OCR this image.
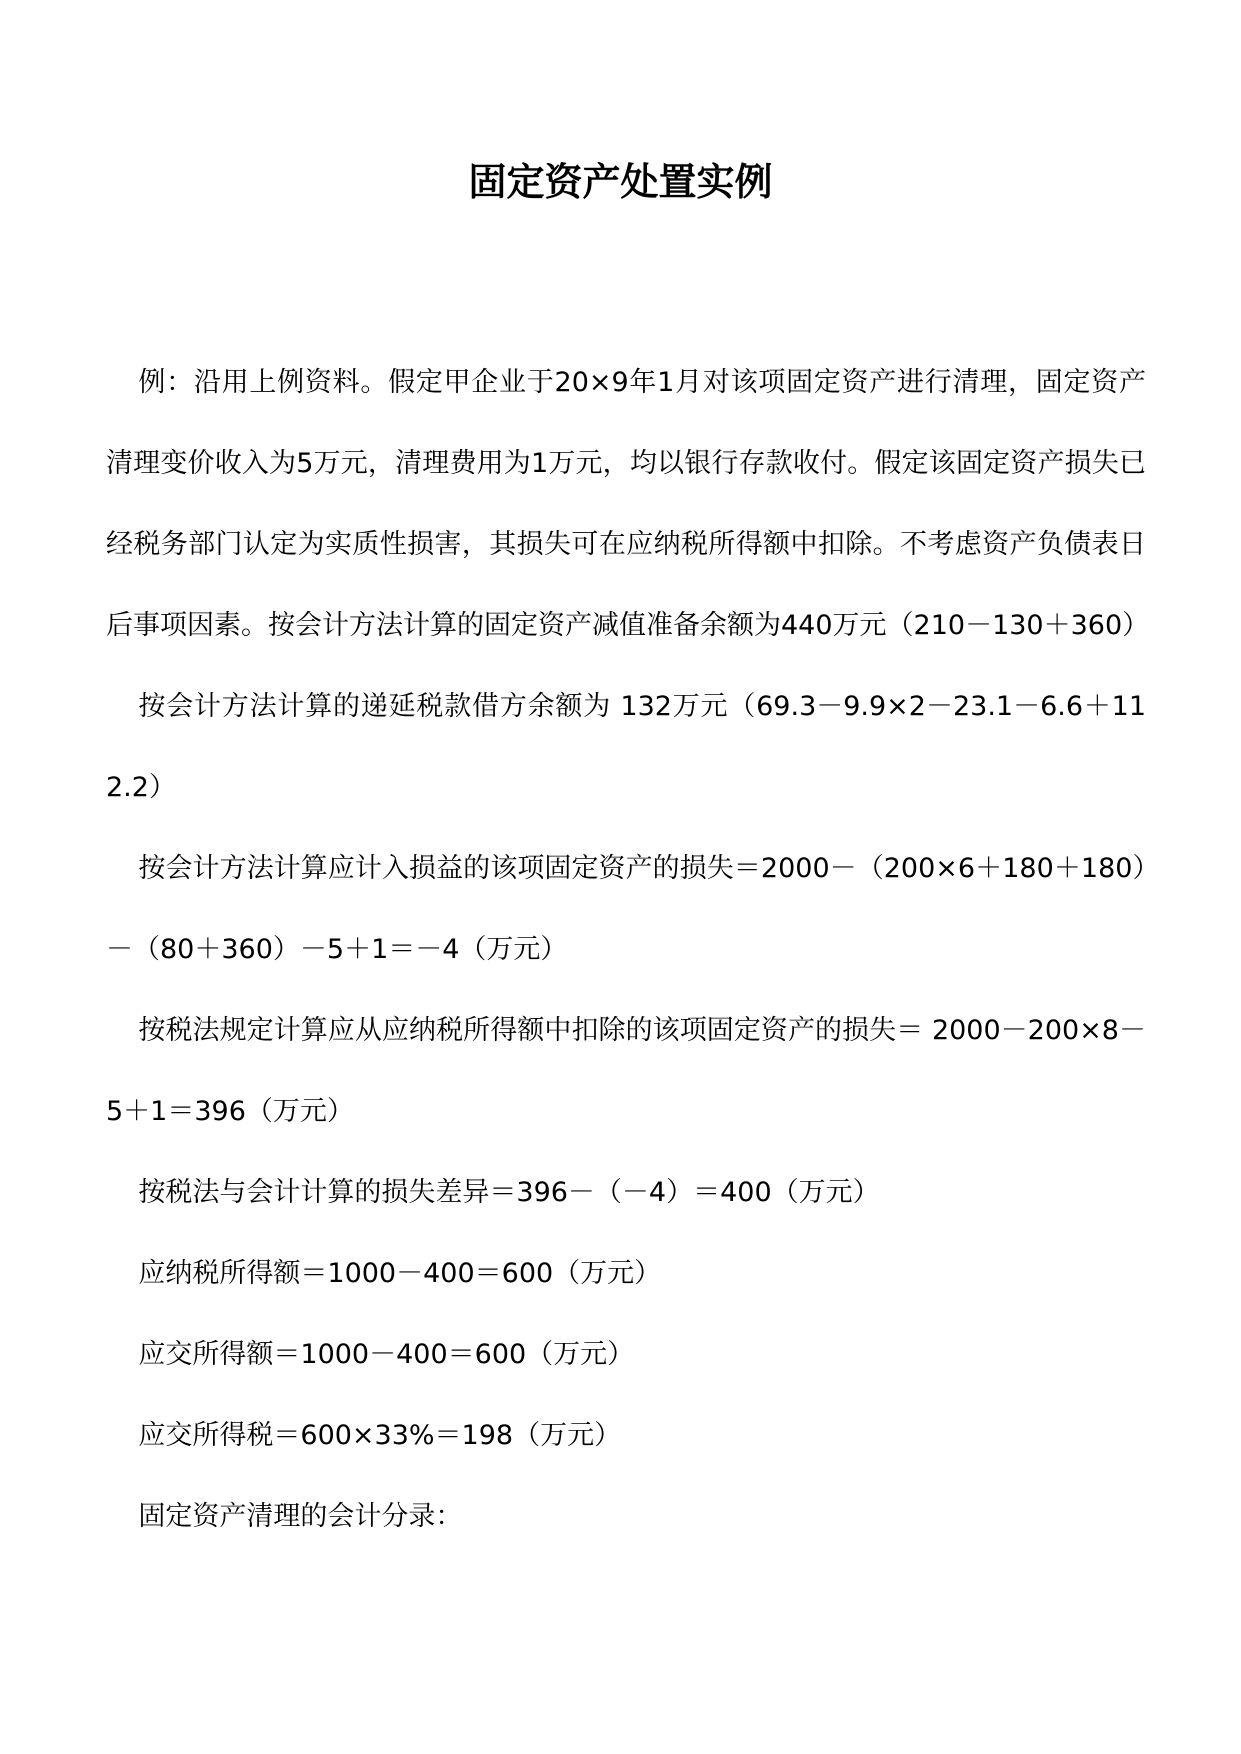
固定资产处置实例

例：沿用上例资料。假定甲企业于20×9年1月对该项固定资产进行清理，固定资产清理变价收入为5万元，清理费用为1万元，均以银行存款收付。假定该固定资产损失已经税务部门认定为实质性损害，其损失可在应纳税所得额中扣除。不考虑资产负债表日后事项因素。按会计方法计算的固定资产减值准备余额为440万元（210－130＋360）

按会计方法计算的递延税款借方余额为 132万元（69.3－9.9×2－23.1－6.6＋112.2）

按会计方法计算应计入损益的该项固定资产的损失＝2000－（200×6＋180＋180）－（80＋360）－5＋1＝－4（万元）

按税法规定计算应从应纳税所得额中扣除的该项固定资产的损失＝ 2000－200×8－5＋1＝396（万元）

按税法与会计计算的损失差异＝396－（－4）＝400（万元）

应纳税所得额＝1000－400＝600（万元）

应交所得额＝1000－400＝600（万元）

应交所得税＝600×33%＝198（万元）

固定资产清理的会计分录：
